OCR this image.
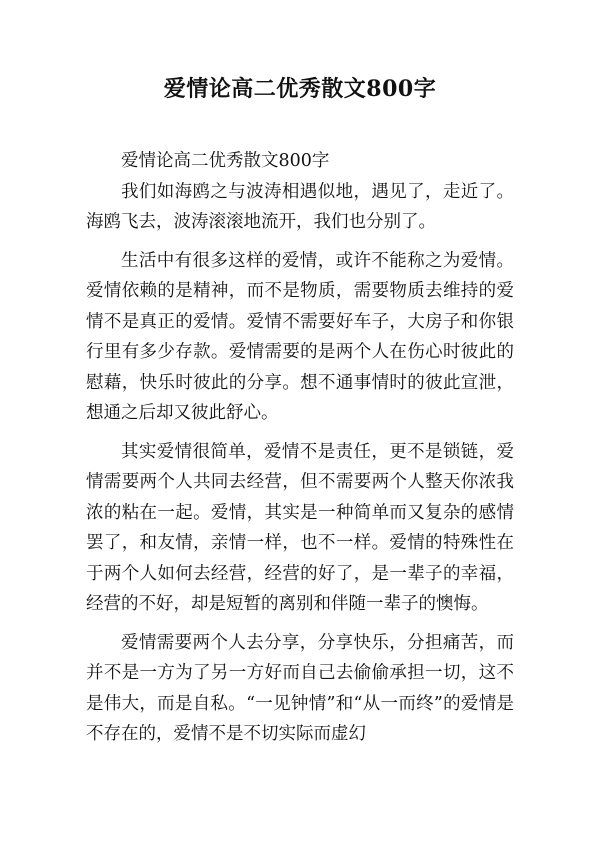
爱情论高二优秀散文800字

爱情论高二优秀散文800字

我们如海鸥之与波涛相遇似地，遇见了，走近了。海鸥飞去，波涛滚滚地流开，我们也分别了。

生活中有很多这样的爱情，或许不能称之为爱情。爱情依赖的是精神，而不是物质，需要物质去维持的爱情不是真正的爱情。爱情不需要好车子，大房子和你银行里有多少存款。爱情需要的是两个人在伤心时彼此的慰藉，快乐时彼此的分享。想不通事情时的彼此宣泄，想通之后却又彼此舒心。

其实爱情很简单，爱情不是责任，更不是锁链，爱情需要两个人共同去经营，但不需要两个人整天你浓我浓的粘在一起。爱情，其实是一种简单而又复杂的感情罢了，和友情，亲情一样，也不一样。爱情的特殊性在于两个人如何去经营，经营的好了，是一辈子的幸福，经营的不好，却是短暂的离别和伴随一辈子的懊悔。

爱情需要两个人去分享，分享快乐，分担痛苦，而并不是一方为了另一方好而自己去偷偷承担一切，这不是伟大，而是自私。“一见钟情”和“从一而终”的爱情是不存在的，爱情不是不切实际而虚幻
